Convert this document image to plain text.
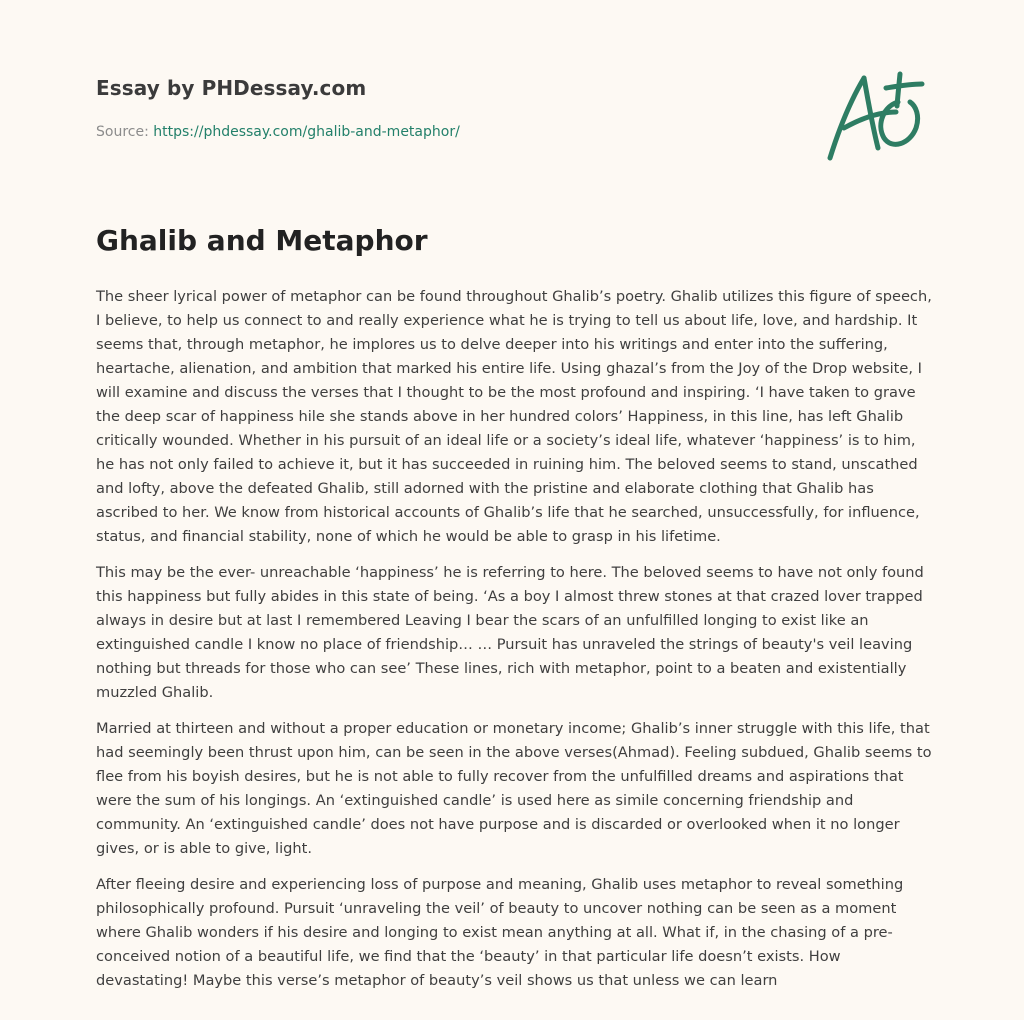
Essay by PHDessay.com

Source: https://phdessay.com/ghalib-and-metaphor/

Ghalib and Metaphor

The sheer lyrical power of metaphor can be found throughout Ghalib’s poetry. Ghalib utilizes this figure of speech, I believe, to help us connect to and really experience what he is trying to tell us about life, love, and hardship. It seems that, through metaphor, he implores us to delve deeper into his writings and enter into the suffering, heartache, alienation, and ambition that marked his entire life. Using ghazal’s from the Joy of the Drop website, I will examine and discuss the verses that I thought to be the most profound and inspiring. ‘I have taken to grave the deep scar of happiness hile she stands above in her hundred colors’ Happiness, in this line, has left Ghalib critically wounded. Whether in his pursuit of an ideal life or a society’s ideal life, whatever ‘happiness’ is to him, he has not only failed to achieve it, but it has succeeded in ruining him. The beloved seems to stand, unscathed and lofty, above the defeated Ghalib, still adorned with the pristine and elaborate clothing that Ghalib has ascribed to her. We know from historical accounts of Ghalib’s life that he searched, unsuccessfully, for influence, status, and financial stability, none of which he would be able to grasp in his lifetime.

This may be the ever- unreachable ‘happiness’ he is referring to here. The beloved seems to have not only found this happiness but fully abides in this state of being. ‘As a boy I almost threw stones at that crazed lover trapped always in desire but at last I remembered Leaving I bear the scars of an unfulfilled longing to exist like an extinguished candle I know no place of friendship… … Pursuit has unraveled the strings of beauty's veil leaving nothing but threads for those who can see’ These lines, rich with metaphor, point to a beaten and existentially muzzled Ghalib.

Married at thirteen and without a proper education or monetary income; Ghalib’s inner struggle with this life, that had seemingly been thrust upon him, can be seen in the above verses(Ahmad). Feeling subdued, Ghalib seems to flee from his boyish desires, but he is not able to fully recover from the unfulfilled dreams and aspirations that were the sum of his longings. An ‘extinguished candle’ is used here as simile concerning friendship and community. An ‘extinguished candle’ does not have purpose and is discarded or overlooked when it no longer gives, or is able to give, light.

After fleeing desire and experiencing loss of purpose and meaning, Ghalib uses metaphor to reveal something philosophically profound. Pursuit ‘unraveling the veil’ of beauty to uncover nothing can be seen as a moment where Ghalib wonders if his desire and longing to exist mean anything at all. What if, in the chasing of a pre-conceived notion of a beautiful life, we find that the ‘beauty’ in that particular life doesn’t exists. How devastating! Maybe this verse’s metaphor of beauty’s veil shows us that unless we can learn
